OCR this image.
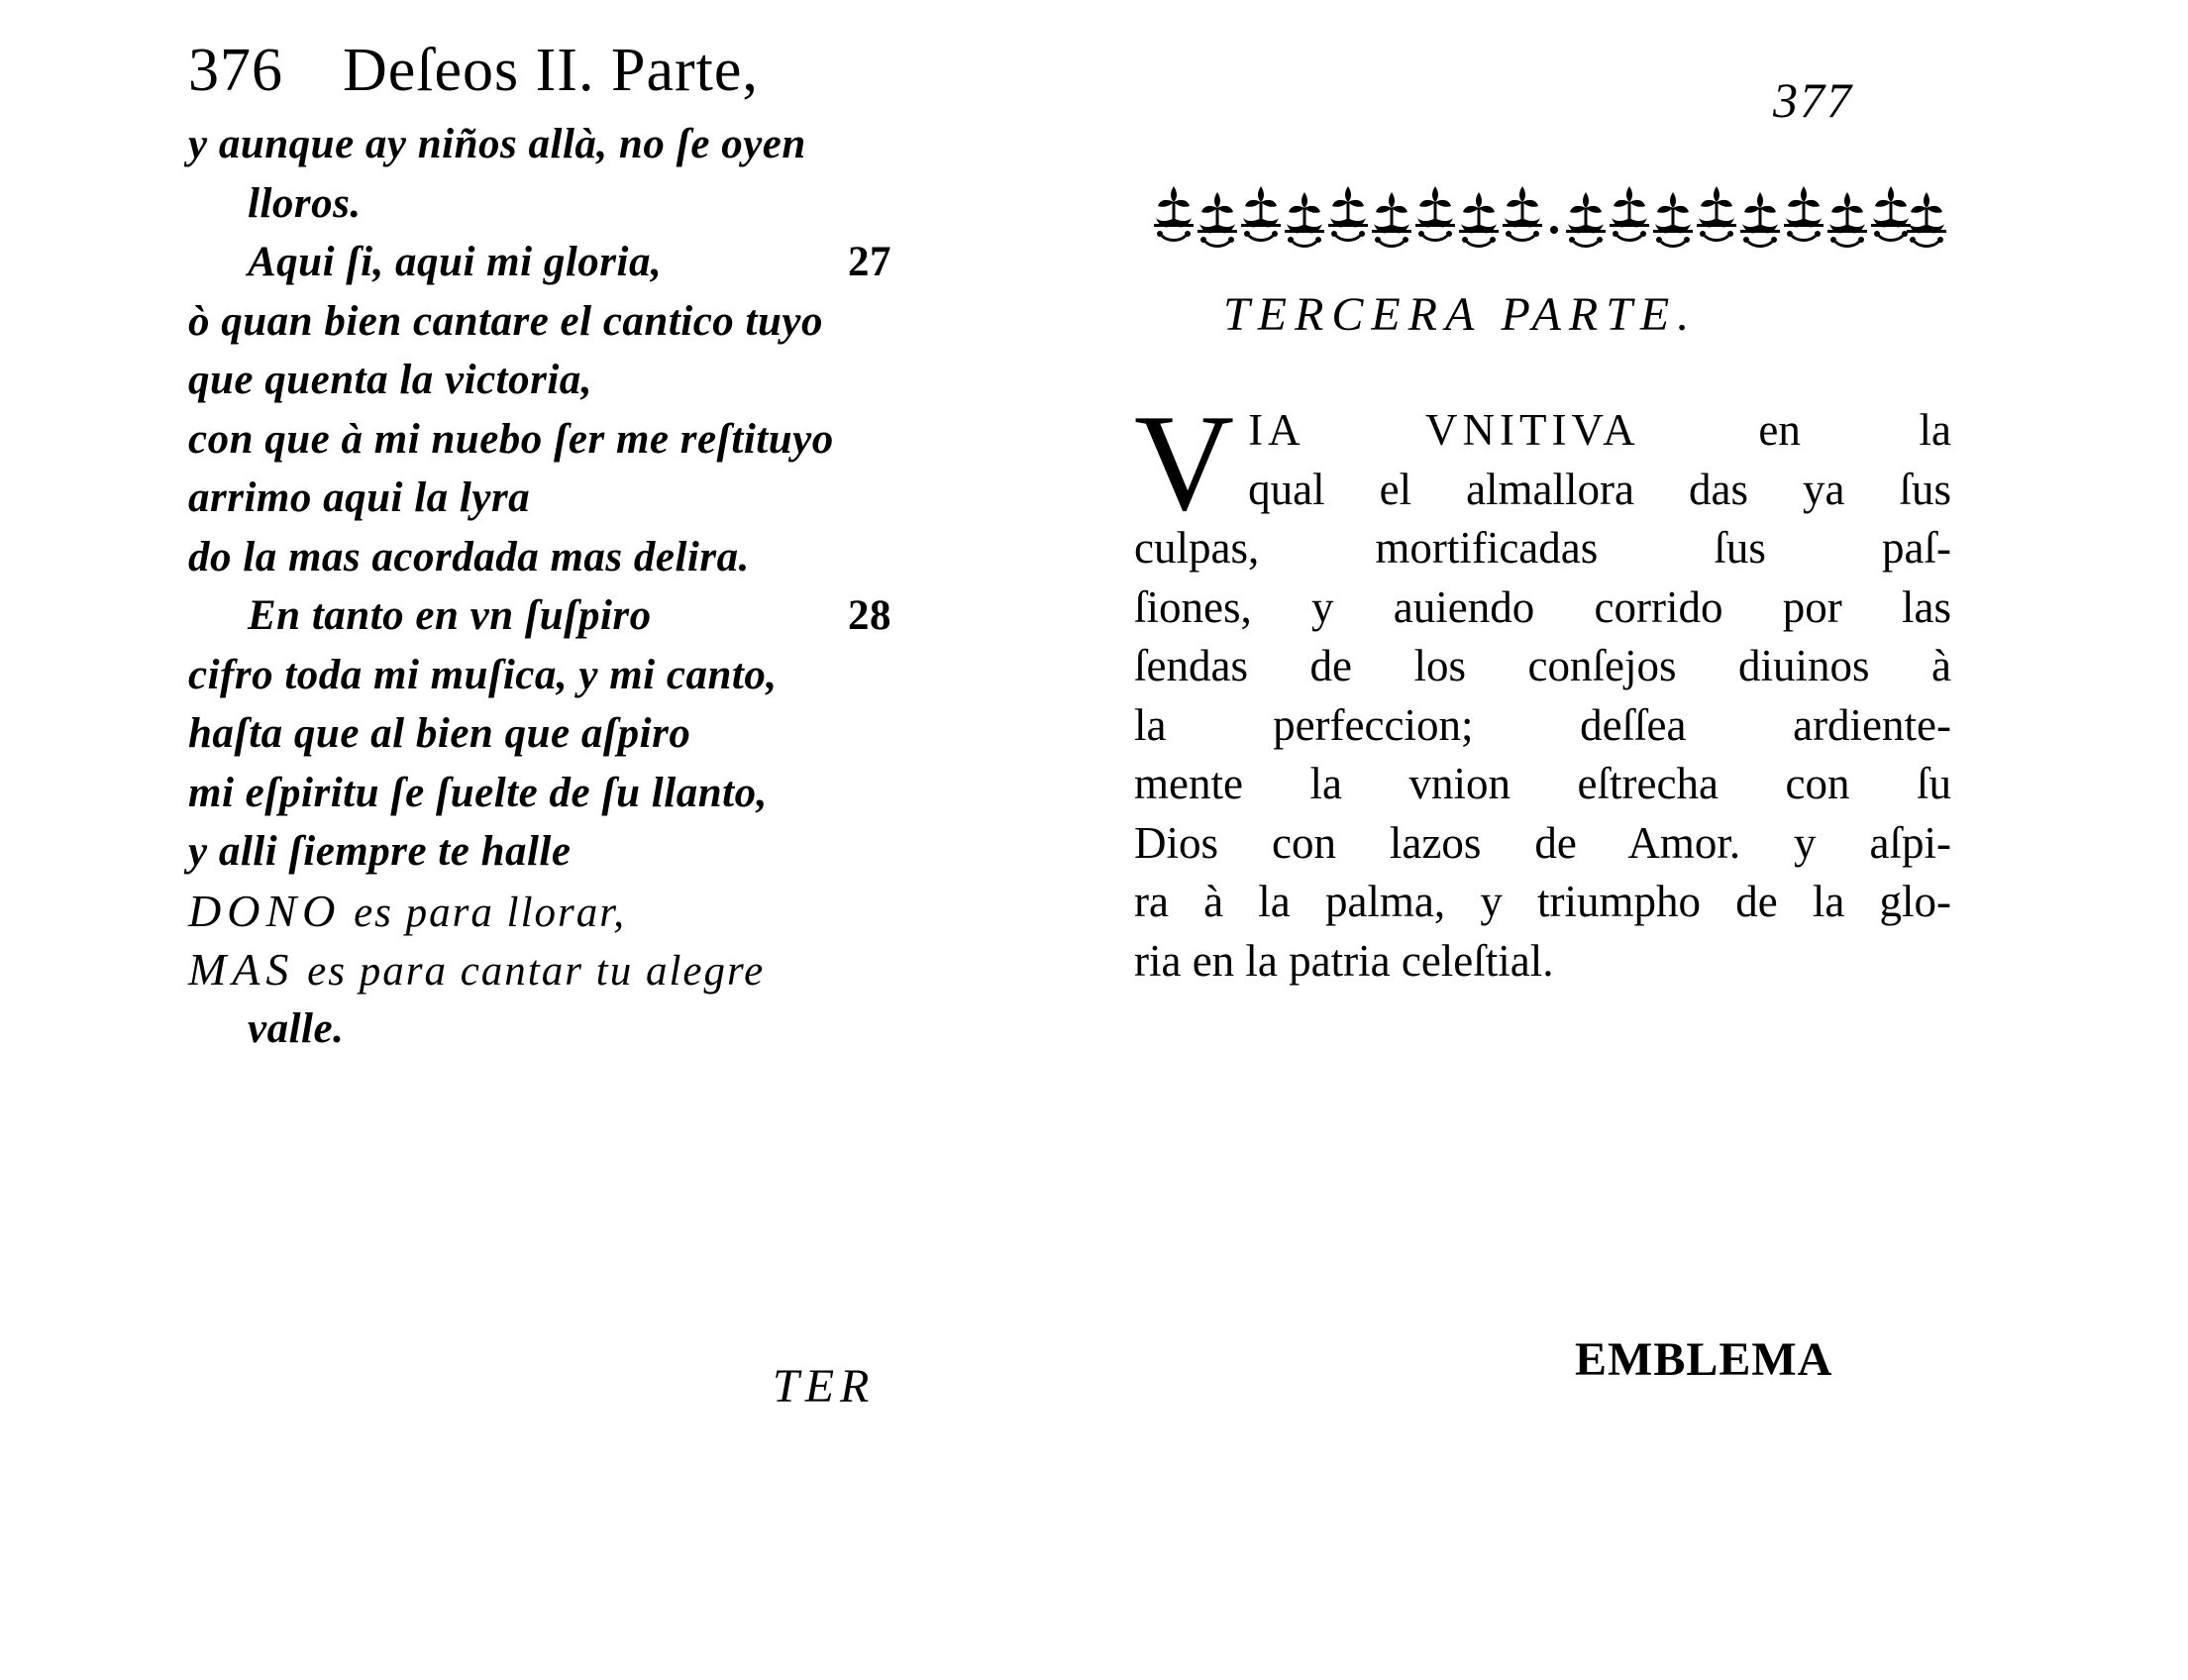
376 Deſeos II. Parte,
y aunque ay niños allà, no ſe oyen
lloros.
Aqui ſi, aqui mi gloria,	27
ò quan bien cantare el cantico tuyo
que quenta la victoria,
con que à mi nuebo ſer me reſtituyo
arrimo aqui la lyra
do la mas acordada mas delira.
En tanto en vn ſuſpiro	28
cifro toda mi muſica, y mi canto,
haſta que al bien que aſpiro
mi eſpiritu ſe ſuelte de ſu llanto,
y alli ſiempre te halle
DONO es para llorar,
MAS es para cantar tu alegre
valle.
TER
377
TERCERA PARTE.
V IA VNITIVA	en la
qual el almallora das ya ſus
culpas, mortificadas ſus paſ-
ſiones, y auiendo corrido por las
ſendas de los conſejos diuinos à
la perfeccion; deſſea ardiente-
mente la vnion eſtrecha con ſu
Dios con lazos de Amor. y aſpi-
ra à la palma, y triumpho de la glo-
ria en la patria celeſtial.
EMBLEMA
